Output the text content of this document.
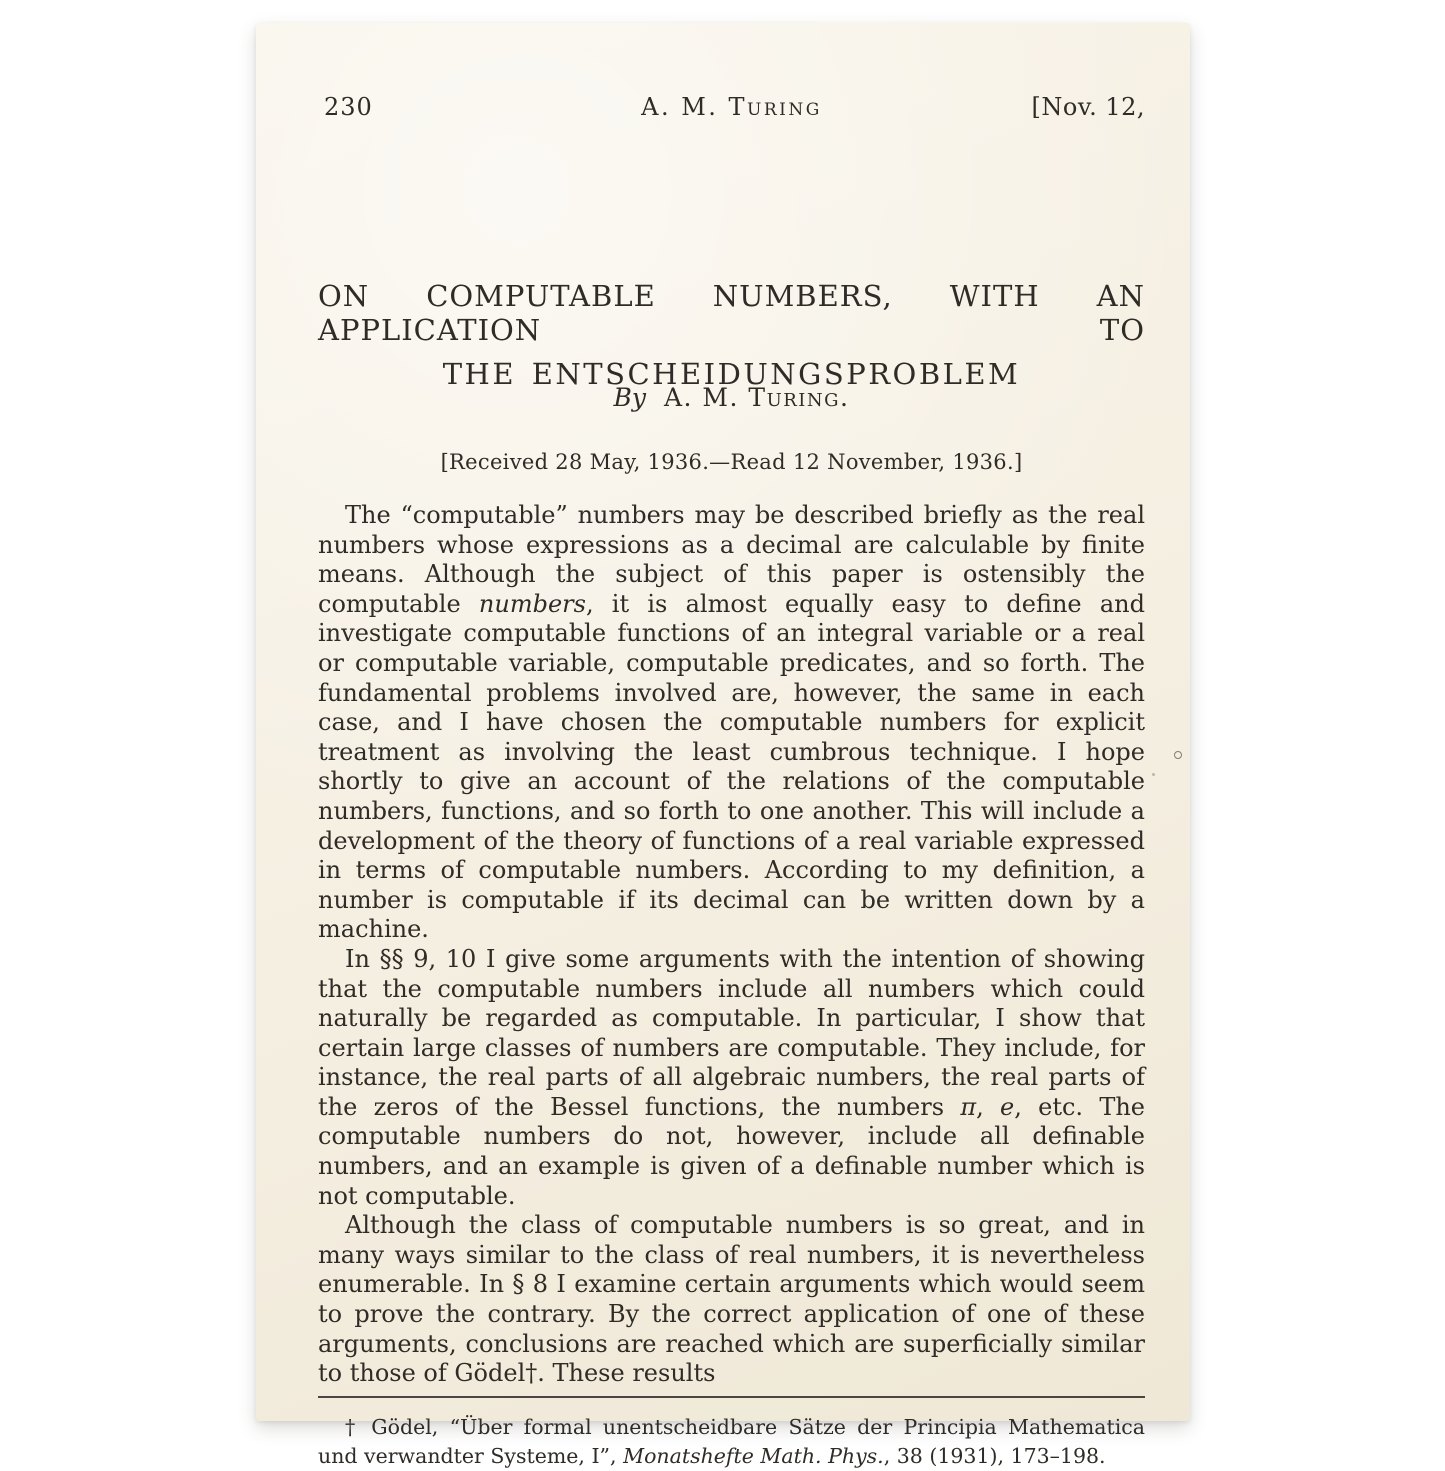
230	A. M. Turing	[Nov. 12,
ON COMPUTABLE NUMBERS, WITH AN APPLICATION TO
THE ENTSCHEIDUNGSPROBLEM
By A. M. Turing.
[Received 28 May, 1936.—Read 12 November, 1936.]

The “computable” numbers may be described briefly as the real numbers whose expressions as a decimal are calculable by finite means. Although the subject of this paper is ostensibly the computable numbers, it is almost equally easy to define and investigate computable functions of an integral variable or a real or computable variable, computable predicates, and so forth. The fundamental problems involved are, however, the same in each case, and I have chosen the computable numbers for explicit treatment as involving the least cumbrous technique. I hope shortly to give an account of the relations of the computable numbers, functions, and so forth to one another. This will include a development of the theory of functions of a real variable expressed in terms of computable numbers. According to my definition, a number is computable if its decimal can be written down by a machine.

In §§ 9, 10 I give some arguments with the intention of showing that the computable numbers include all numbers which could naturally be regarded as computable. In particular, I show that certain large classes of numbers are computable. They include, for instance, the real parts of all algebraic numbers, the real parts of the zeros of the Bessel functions, the numbers π, e, etc. The computable numbers do not, however, include all definable numbers, and an example is given of a definable number which is not computable.

Although the class of computable numbers is so great, and in many ways similar to the class of real numbers, it is nevertheless enumerable. In § 8 I examine certain arguments which would seem to prove the contrary. By the correct application of one of these arguments, conclusions are reached which are superficially similar to those of Gödel†. These results

† Gödel, “Über formal unentscheidbare Sätze der Principia Mathematica und verwandter Systeme, I”, Monatshefte Math. Phys., 38 (1931), 173–198.
